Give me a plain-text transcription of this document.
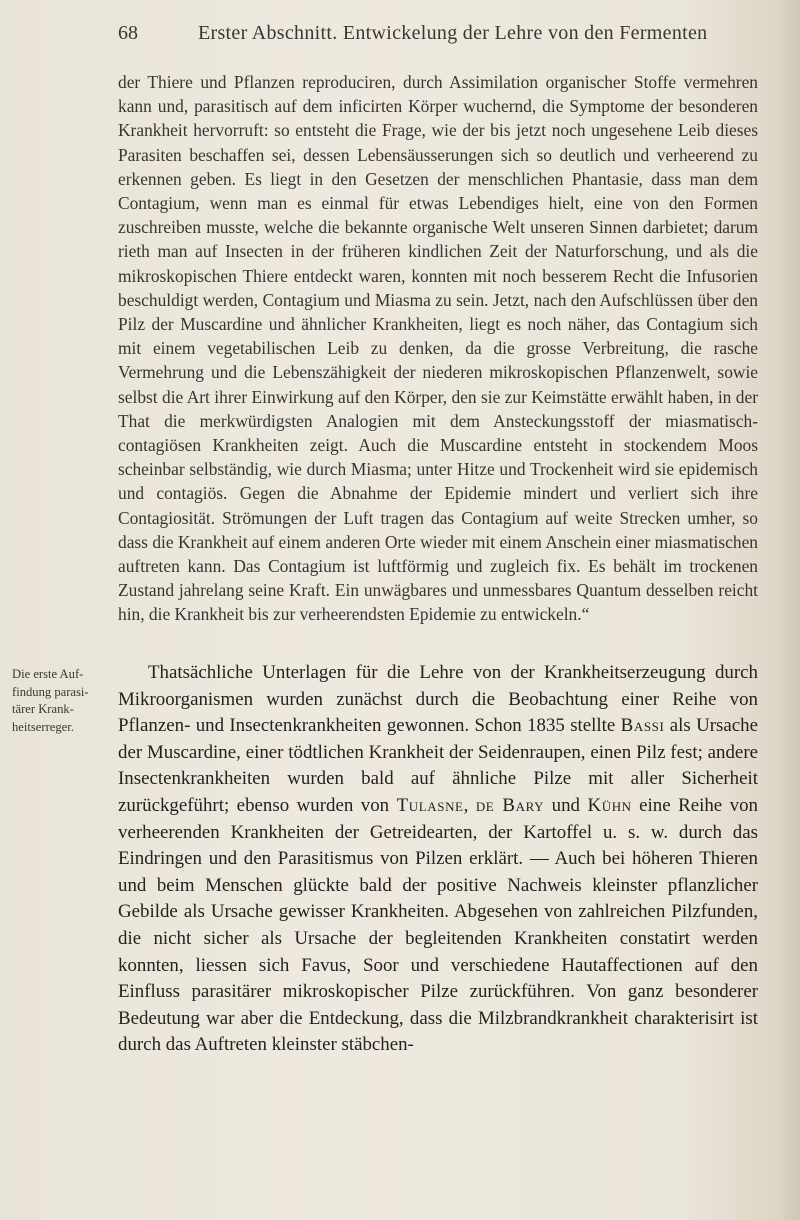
68	Erster Abschnitt. Entwickelung der Lehre von den Fermenten

der Thiere und Pflanzen reproduciren, durch Assimilation organischer Stoffe vermehren kann und, parasitisch auf dem inficirten Körper wuchernd, die Symptome der besonderen Krankheit hervorruft: so entsteht die Frage, wie der bis jetzt noch ungesehene Leib dieses Parasiten beschaffen sei, dessen Lebensäusserungen sich so deutlich und verheerend zu erkennen geben. Es liegt in den Gesetzen der menschlichen Phantasie, dass man dem Contagium, wenn man es einmal für etwas Lebendiges hielt, eine von den Formen zuschreiben musste, welche die bekannte organische Welt unseren Sinnen darbietet; darum rieth man auf Insecten in der früheren kindlichen Zeit der Naturforschung, und als die mikroskopischen Thiere entdeckt waren, konnten mit noch besserem Recht die Infusorien beschuldigt werden, Contagium und Miasma zu sein. Jetzt, nach den Aufschlüssen über den Pilz der Muscardine und ähnlicher Krankheiten, liegt es noch näher, das Contagium sich mit einem vegetabilischen Leib zu denken, da die grosse Verbreitung, die rasche Vermehrung und die Lebenszähigkeit der niederen mikroskopischen Pflanzenwelt, sowie selbst die Art ihrer Einwirkung auf den Körper, den sie zur Keimstätte erwählt haben, in der That die merkwürdigsten Analogien mit dem Ansteckungsstoff der miasmatisch-contagiösen Krankheiten zeigt. Auch die Muscardine entsteht in stockendem Moos scheinbar selbständig, wie durch Miasma; unter Hitze und Trockenheit wird sie epidemisch und contagiös. Gegen die Abnahme der Epidemie mindert und verliert sich ihre Contagiosität. Strömungen der Luft tragen das Contagium auf weite Strecken umher, so dass die Krankheit auf einem anderen Orte wieder mit einem Anschein einer miasmatischen auftreten kann. Das Contagium ist luftförmig und zugleich fix. Es behält im trockenen Zustand jahrelang seine Kraft. Ein unwägbares und unmessbares Quantum desselben reicht hin, die Krankheit bis zur verheerendsten Epidemie zu entwickeln.“

Die erste Auf-
findung parasi-
tärer Krank-
heitserreger.

Thatsächliche Unterlagen für die Lehre von der Krankheitserzeugung durch Mikroorganismen wurden zunächst durch die Beobachtung einer Reihe von Pflanzen- und Insectenkrankheiten gewonnen. Schon 1835 stellte Bassi als Ursache der Muscardine, einer tödtlichen Krankheit der Seidenraupen, einen Pilz fest; andere Insectenkrankheiten wurden bald auf ähnliche Pilze mit aller Sicherheit zurückgeführt; ebenso wurden von Tulasne, de Bary und Kühn eine Reihe von verheerenden Krankheiten der Getreidearten, der Kartoffel u. s. w. durch das Eindringen und den Parasitismus von Pilzen erklärt. — Auch bei höheren Thieren und beim Menschen glückte bald der positive Nachweis kleinster pflanzlicher Gebilde als Ursache gewisser Krankheiten. Abgesehen von zahlreichen Pilzfunden, die nicht sicher als Ursache der begleitenden Krankheiten constatirt werden konnten, liessen sich Favus, Soor und verschiedene Hautaffectionen auf den Einfluss parasitärer mikroskopischer Pilze zurückführen. Von ganz besonderer Bedeutung war aber die Entdeckung, dass die Milzbrandkrankheit charakterisirt ist durch das Auftreten kleinster stäbchen-
